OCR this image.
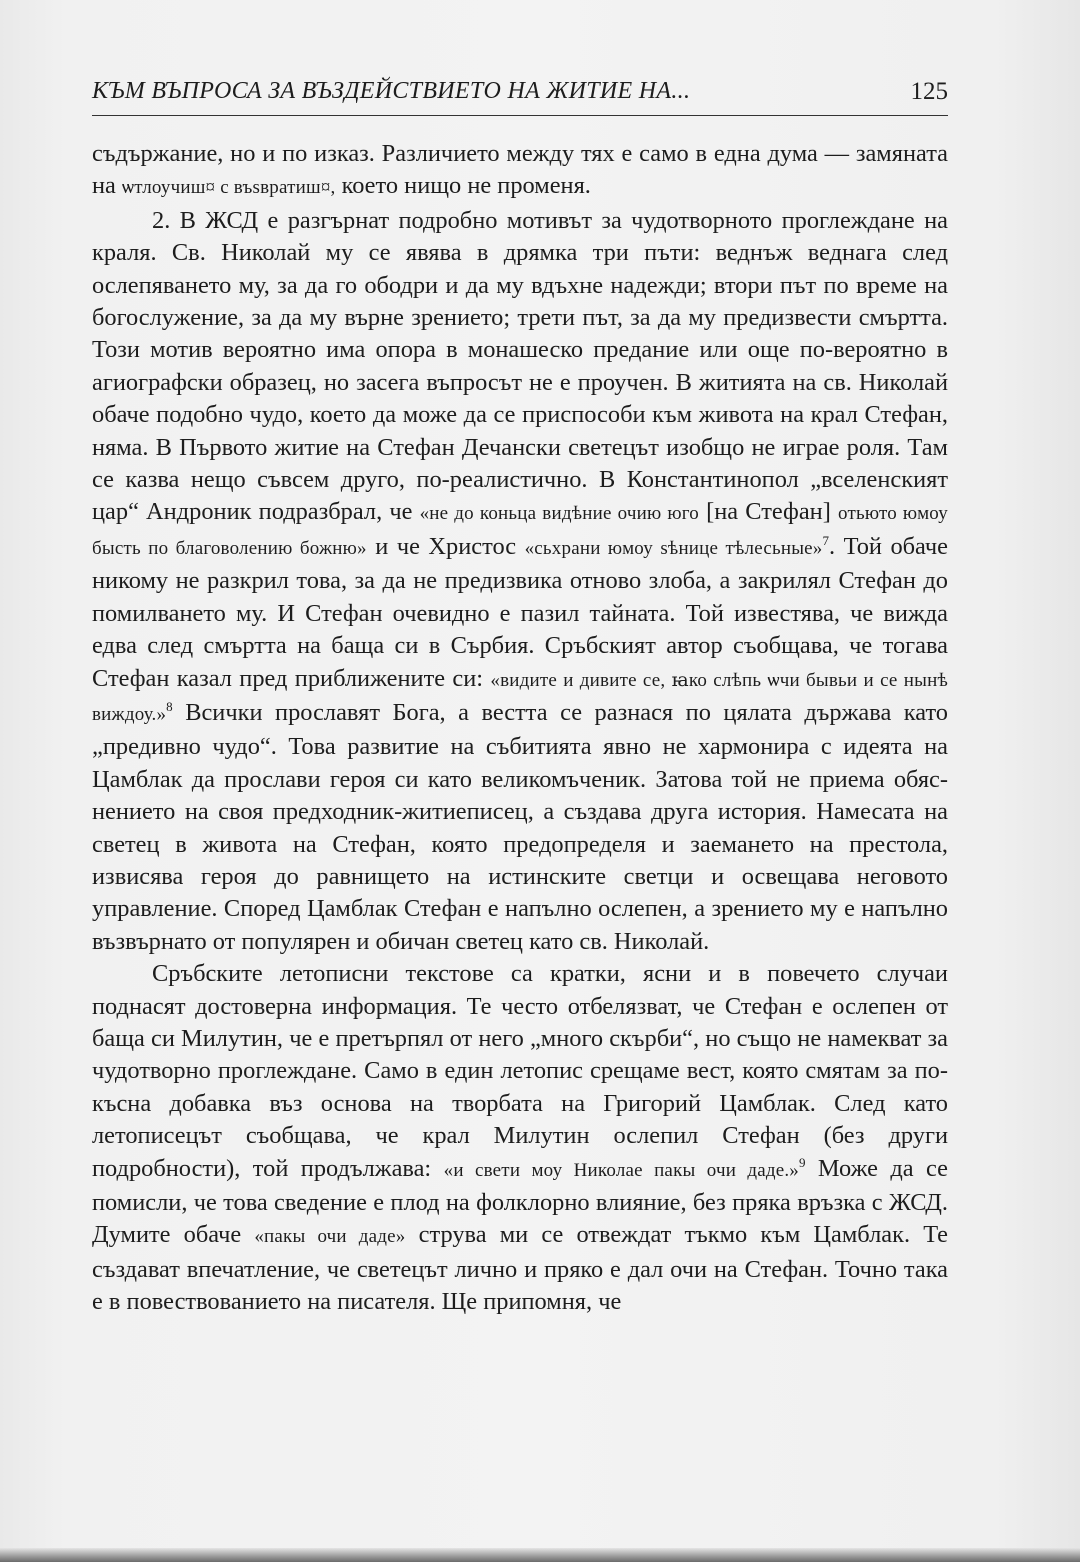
КЪМ ВЪПРОСА ЗА ВЪЗДЕЙСТВИЕТО НА ЖИТИЕ НА...	125

съдържание, но и по изказ. Различието между тях е само в една дума — замяната на ѡтлоучиш¤ с въѕвратиш¤, което нищо не променя.

2. В ЖСД е разгърнат подробно мотивът за чудотворното проглеждане на краля. Св. Николай му се явява в дрямка три пъти: веднъж веднага след ослепяването му, за да го ободри и да му вдъхне надежди; втори път по време на богослужение, за да му върне зрението; трети път, за да му предизвести смъртта. Този мотив вероятно има опора в монашеско предание или още по-вероятно в агиографски образец, но засега въпросът не е проучен. В житията на св. Николай обаче подобно чудо, което да може да се приспособи към живота на крал Стефан, няма. В Първото житие на Стефан Дечански светецът изобщо не играе роля. Там се казва нещо съвсем друго, по-реалистично. В Константинопол „вселенският цар“ Андроник подразбрал, че «не до коньца видѣние очию юго [на Стефан] отьюто юмоу бысть по благоволению божню» и че Христос «сьхрани юмоу ѕѣницe тѣлесьные»$^7$. Той обаче никому не разкрил това, за да не предизвика отново злоба, а закрилял Стефан до помилването му. И Стефан очевидно е пазил тайната. Той известява, че вижда едва след смъртта на баща си в Сърбия. Сръбският автор съобщава, че тогава Стефан казал пред приближените си: «видите и дивите се, ꙗко слѣпь ѡчи бывьи и се нынѣ виждоу.»$^8$ Всички прославят Бога, а вестта се разнася по цялата държава като „предивно чудо“. Това развитие на събитията явно не хармонира с идеята на Цамблак да прослави героя си като великомъченик. Затова той не приема обяснението на своя предходник-житиеписец, а създава друга история. Намесата на светец в живота на Стефан, която предопределя и заемането на престола, извисява героя до равнището на истинските светци и освещава неговото управление. Според Цамблак Стефан е напълно ослепен, а зрението му е напълно възвърнато от популярен и обичан светец като св. Николай.

Сръбските летописни текстове са кратки, ясни и в повечето случаи поднасят достоверна информация. Те често отбелязват, че Стефан е ослепен от баща си Милутин, че е претърпял от него „много скърби“, но също не намекват за чудотворно проглеждане. Само в един летопис срещаме вест, която смятам за по-късна добавка въз основа на творбата на Григорий Цамблак. След като летописецът съобщава, че крал Милутин ослепил Стефан (без други подробности), той продължава: «и свети моу Николае пакы очи даде.»$^9$ Може да се помисли, че това сведение е плод на фолклорно влияние, без пряка връзка с ЖСД. Думите обаче «пакы очи даде» струва ми се отвеждат тъкмо към Цамблак. Те създават впечатление, че светецът лично и пряко е дал очи на Стефан. Точно така е в повествованието на писателя. Ще припомня, че
